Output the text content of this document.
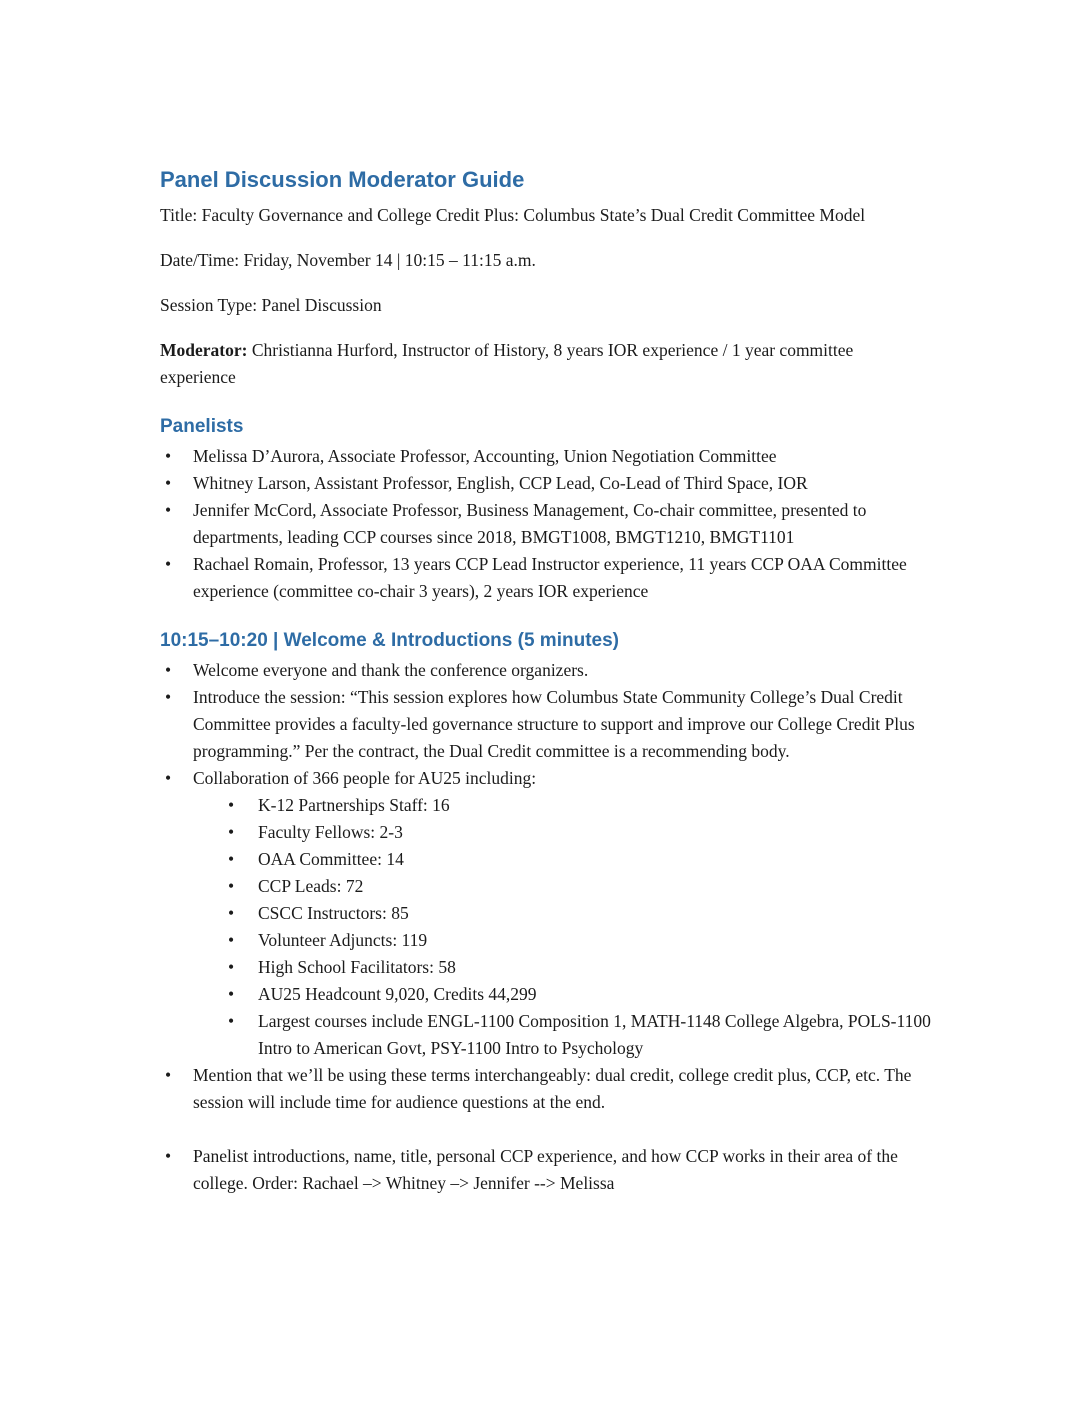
Panel Discussion Moderator Guide

Title: Faculty Governance and College Credit Plus: Columbus State’s Dual Credit Committee Model

Date/Time: Friday, November 14 | 10:15 – 11:15 a.m.

Session Type: Panel Discussion

Moderator: Christianna Hurford, Instructor of History, 8 years IOR experience / 1 year committee experience

Panelists
• Melissa D’Aurora, Associate Professor, Accounting, Union Negotiation Committee
• Whitney Larson, Assistant Professor, English, CCP Lead, Co-Lead of Third Space, IOR
• Jennifer McCord, Associate Professor, Business Management, Co-chair committee, presented to departments, leading CCP courses since 2018, BMGT1008, BMGT1210, BMGT1101
• Rachael Romain, Professor, 13 years CCP Lead Instructor experience, 11 years CCP OAA Committee experience (committee co-chair 3 years), 2 years IOR experience
10:15–10:20 | Welcome & Introductions (5 minutes)
• Welcome everyone and thank the conference organizers.
• Introduce the session: “This session explores how Columbus State Community College’s Dual Credit Committee provides a faculty-led governance structure to support and improve our College Credit Plus programming.” Per the contract, the Dual Credit committee is a recommending body.
• Collaboration of 366 people for AU25 including:
• K-12 Partnerships Staff: 16
• Faculty Fellows: 2-3
• OAA Committee: 14
• CCP Leads: 72
• CSCC Instructors: 85
• Volunteer Adjuncts: 119
• High School Facilitators: 58
• AU25 Headcount 9,020, Credits 44,299
• Largest courses include ENGL-1100 Composition 1, MATH-1148 College Algebra, POLS-1100 Intro to American Govt, PSY-1100 Intro to Psychology
• Mention that we’ll be using these terms interchangeably: dual credit, college credit plus, CCP, etc. The session will include time for audience questions at the end.
• Panelist introductions, name, title, personal CCP experience, and how CCP works in their area of the college. Order: Rachael –> Whitney –> Jennifer --> Melissa
